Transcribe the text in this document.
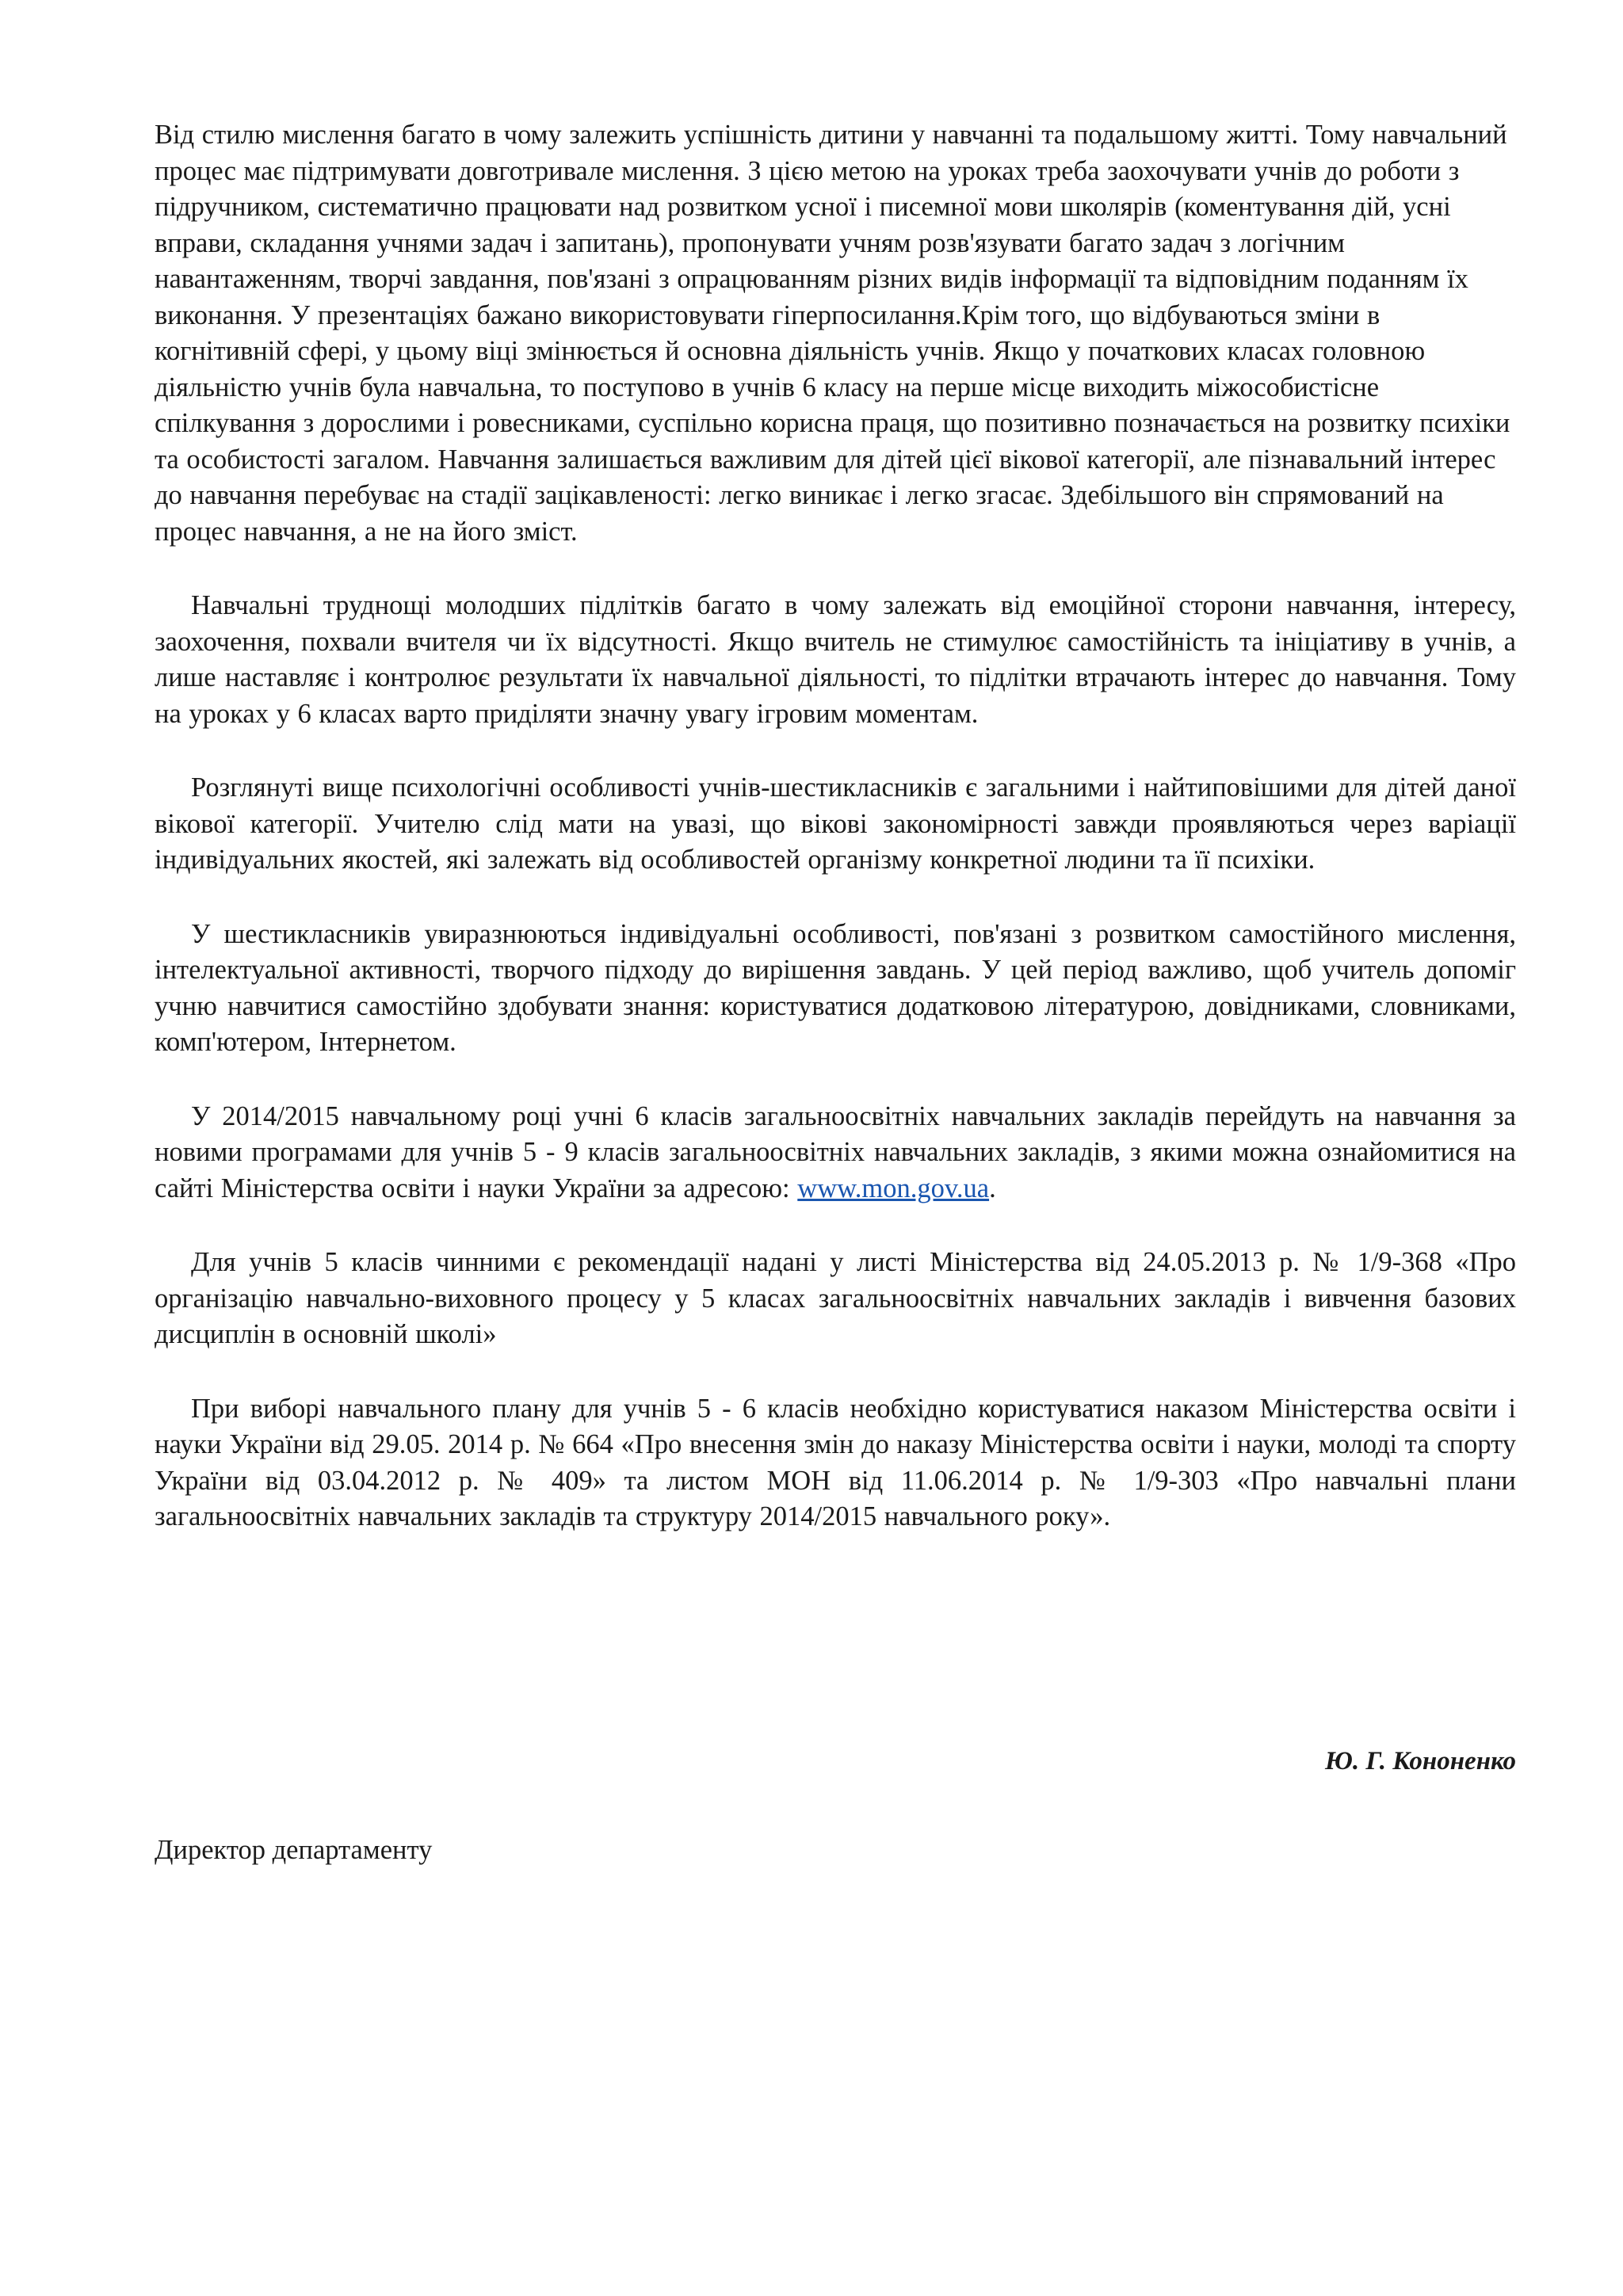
Від стилю мислення багато в чому залежить успішність дитини у навчанні та подальшому житті. Тому навчальний процес має підтримувати довготривале мислення. З цією метою на уроках треба заохочувати учнів до роботи з підручником, систематично працювати над розвитком усної і писемної мови школярів (коментування дій, усні вправи, складання учнями задач і запитань), пропонувати учням розв'язувати багато задач з логічним навантаженням, творчі завдання, пов'язані з опрацюванням різних видів інформації та відповідним поданням їх виконання. У презентаціях бажано використовувати гіперпосилання.Крім того, що відбуваються зміни в когнітивній сфері, у цьому віці змінюється й основна діяльність учнів. Якщо у початкових класах головною діяльністю учнів була навчальна, то поступово в учнів 6 класу на перше місце виходить міжособистісне спілкування з дорослими і ровесниками, суспільно корисна праця, що позитивно позначається на розвитку психіки та особистості загалом. Навчання залишається важливим для дітей цієї вікової категорії, але пізнавальний інтерес до навчання перебуває на стадії зацікавленості: легко виникає і легко згасає. Здебільшого він спрямований на процес навчання, а не на його зміст.

Навчальні труднощі молодших підлітків багато в чому залежать від емоційної сторони навчання, інтересу, заохочення, похвали вчителя чи їх відсутності. Якщо вчитель не стимулює самостійність та ініціативу в учнів, а лише наставляє і контролює результати їх навчальної діяльності, то підлітки втрачають інтерес до навчання. Тому на уроках у 6 класах варто приділяти значну увагу ігровим моментам.

Розглянуті вище психологічні особливості учнів-шестикласників є загальними і найтиповішими для дітей даної вікової категорії. Учителю слід мати на увазі, що вікові закономірності завжди проявляються через варіації індивідуальних якостей, які залежать від особливостей організму конкретної людини та її психіки.

У шестикласників увиразнюються індивідуальні особливості, пов'язані з розвитком самостійного мислення, інтелектуальної активності, творчого підходу до вирішення завдань. У цей період важливо, щоб учитель допоміг учню навчитися самостійно здобувати знання: користуватися додатковою літературою, довідниками, словниками, комп'ютером, Інтернетом.

У 2014/2015 навчальному році учні 6 класів загальноосвітніх навчальних закладів перейдуть на навчання за новими програмами для учнів 5 - 9 класів загальноосвітніх навчальних закладів, з якими можна ознайомитися на сайті Міністерства освіти і науки України за адресою: www.mon.gov.ua.

Для учнів 5 класів чинними є рекомендації надані у листі Міністерства від 24.05.2013 р. № 1/9-368 «Про організацію навчально-виховного процесу у 5 класах загальноосвітніх навчальних закладів і вивчення базових дисциплін в основній школі»

При виборі навчального плану для учнів 5 - 6 класів необхідно користуватися наказом Міністерства освіти і науки України від 29.05. 2014 р. № 664 «Про внесення змін до наказу Міністерства освіти і науки, молоді та спорту України від 03.04.2012 р. № 409» та листом МОН від 11.06.2014 р. № 1/9-303 «Про навчальні плани загальноосвітніх навчальних закладів та структуру 2014/2015 навчального року».

Ю. Г. Кононенко
Директор департаменту
